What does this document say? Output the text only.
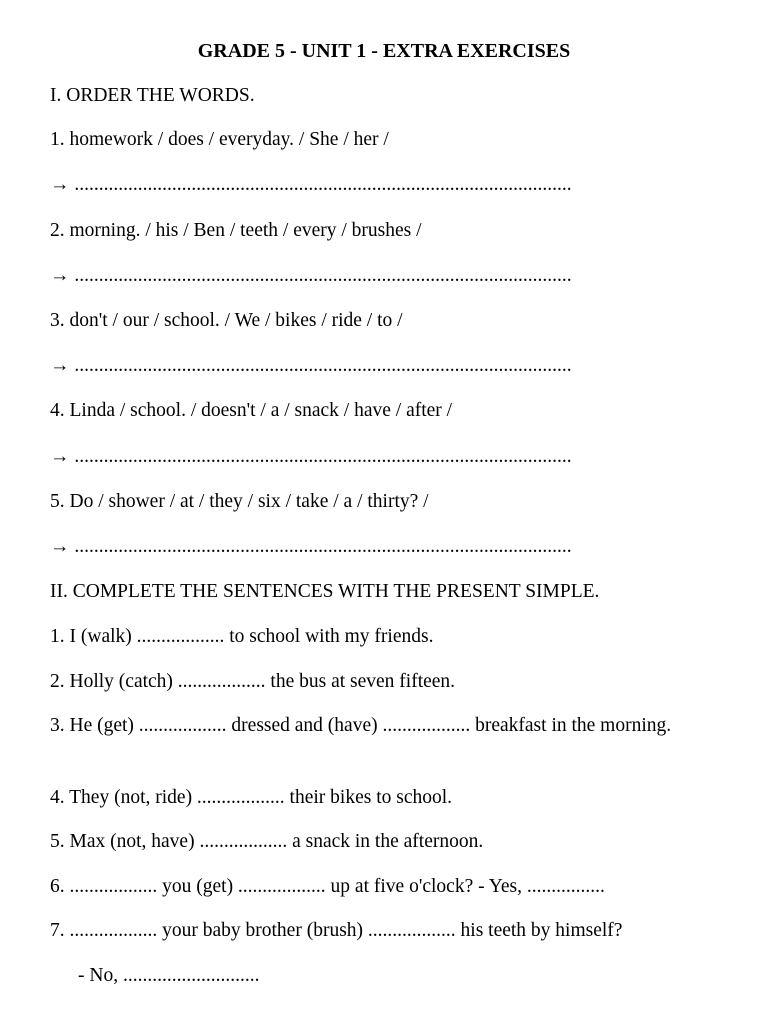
GRADE 5 - UNIT 1 - EXTRA EXERCISES
I. ORDER THE WORDS.
1. homework / does / everyday. / She / her /
→ ......................................................................................................
2. morning. / his / Ben / teeth / every / brushes /
→ ......................................................................................................
3. don't / our / school. / We / bikes / ride / to /
→ ......................................................................................................
4. Linda / school. / doesn't / a / snack / have / after /
→ ......................................................................................................
5. Do / shower / at / they / six / take / a / thirty? /
→ ......................................................................................................
II. COMPLETE THE SENTENCES WITH THE PRESENT SIMPLE.
1. I (walk) .................. to school with my friends.
2. Holly (catch) .................. the bus at seven fifteen.
3. He (get) .................. dressed and (have) .................. breakfast in the morning.
4. They (not, ride) .................. their bikes to school.
5. Max (not, have) .................. a snack in the afternoon.
6. .................. you (get) .................. up at five o'clock? - Yes, ................
7. .................. your baby brother (brush) .................. his teeth by himself?
- No, ............................
